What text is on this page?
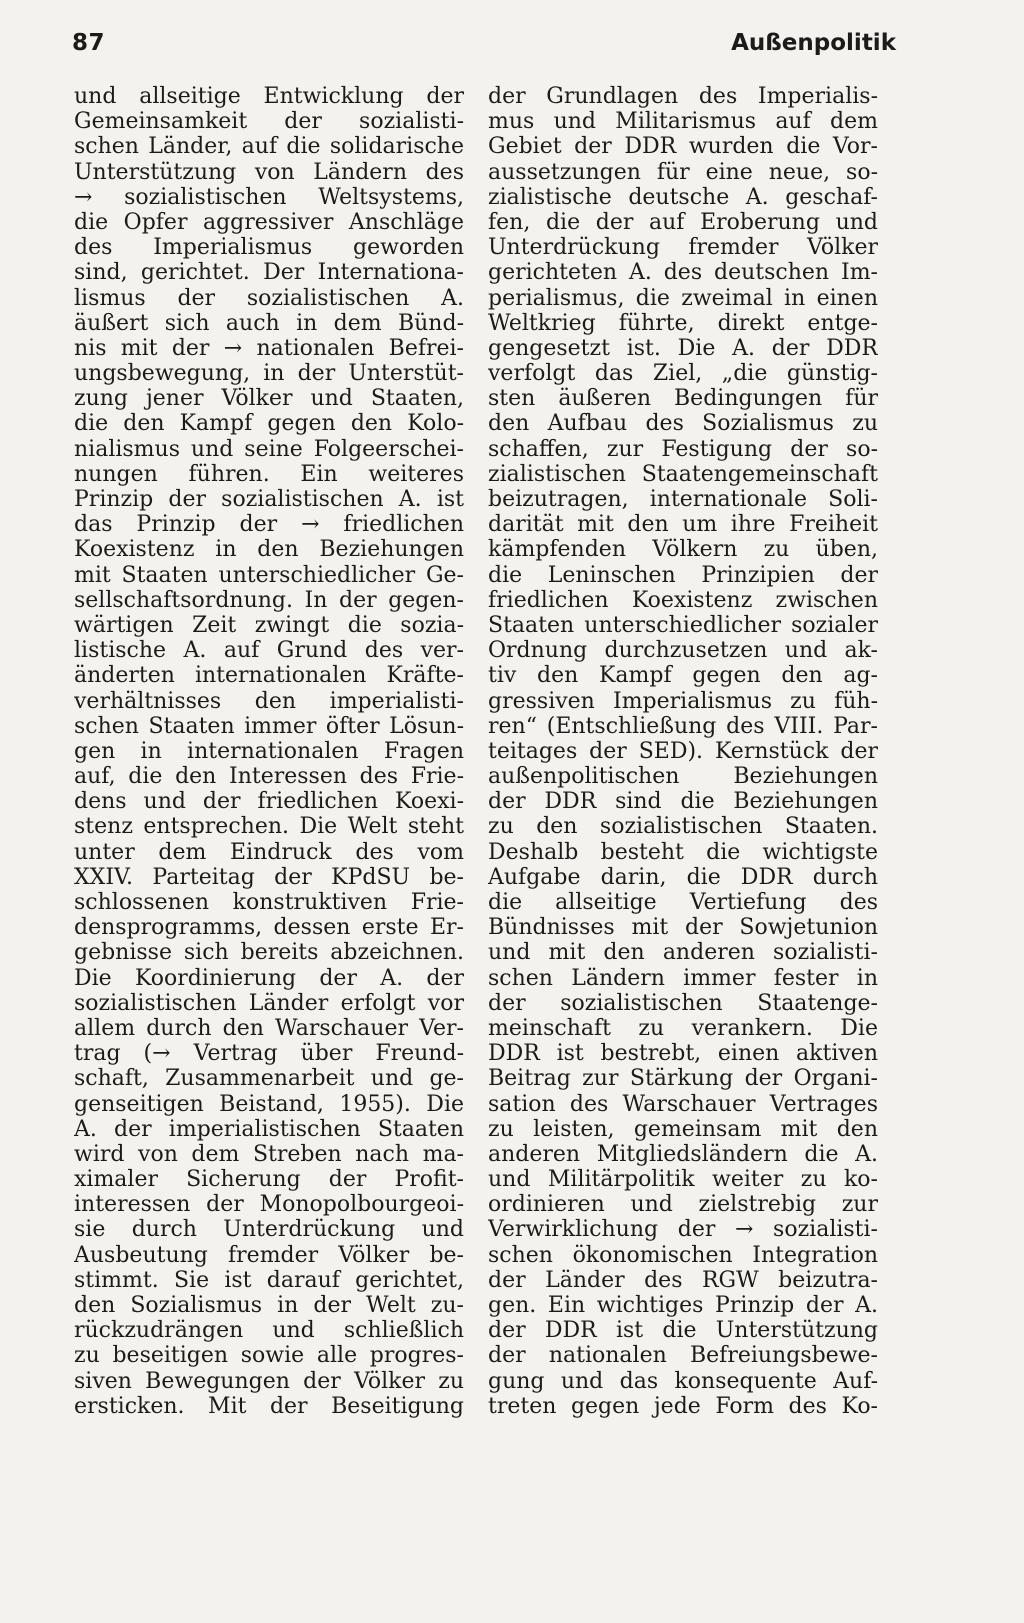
87	Außenpolitik
und allseitige Entwicklung der
Gemeinsamkeit der sozialisti-
schen Länder, auf die solidarische
Unterstützung von Ländern des
→ sozialistischen Weltsystems,
die Opfer aggressiver Anschläge
des Imperialismus geworden
sind, gerichtet. Der Internationa-
lismus der sozialistischen A.
äußert sich auch in dem Bünd-
nis mit der → nationalen Befrei-
ungsbewegung, in der Unterstüt-
zung jener Völker und Staaten,
die den Kampf gegen den Kolo-
nialismus und seine Folgeerschei-
nungen führen. Ein weiteres
Prinzip der sozialistischen A. ist
das Prinzip der → friedlichen
Koexistenz in den Beziehungen
mit Staaten unterschiedlicher Ge-
sellschaftsordnung. In der gegen-
wärtigen Zeit zwingt die sozia-
listische A. auf Grund des ver-
änderten internationalen Kräfte-
verhältnisses den imperialisti-
schen Staaten immer öfter Lösun-
gen in internationalen Fragen
auf, die den Interessen des Frie-
dens und der friedlichen Koexi-
stenz entsprechen. Die Welt steht
unter dem Eindruck des vom
XXIV. Parteitag der KPdSU be-
schlossenen konstruktiven Frie-
densprogramms, dessen erste Er-
gebnisse sich bereits abzeichnen.
Die Koordinierung der A. der
sozialistischen Länder erfolgt vor
allem durch den Warschauer Ver-
trag (→ Vertrag über Freund-
schaft, Zusammenarbeit und ge-
genseitigen Beistand, 1955). Die
A. der imperialistischen Staaten
wird von dem Streben nach ma-
ximaler Sicherung der Profit-
interessen der Monopolbourgeoi-
sie durch Unterdrückung und
Ausbeutung fremder Völker be-
stimmt. Sie ist darauf gerichtet,
den Sozialismus in der Welt zu-
rückzudrängen und schließlich
zu beseitigen sowie alle progres-
siven Bewegungen der Völker zu
ersticken. Mit der Beseitigung
der Grundlagen des Imperialis-
mus und Militarismus auf dem
Gebiet der DDR wurden die Vor-
aussetzungen für eine neue, so-
zialistische deutsche A. geschaf-
fen, die der auf Eroberung und
Unterdrückung fremder Völker
gerichteten A. des deutschen Im-
perialismus, die zweimal in einen
Weltkrieg führte, direkt entge-
gengesetzt ist. Die A. der DDR
verfolgt das Ziel, „die günstig-
sten äußeren Bedingungen für
den Aufbau des Sozialismus zu
schaffen, zur Festigung der so-
zialistischen Staatengemeinschaft
beizutragen, internationale Soli-
darität mit den um ihre Freiheit
kämpfenden Völkern zu üben,
die Leninschen Prinzipien der
friedlichen Koexistenz zwischen
Staaten unterschiedlicher sozialer
Ordnung durchzusetzen und ak-
tiv den Kampf gegen den ag-
gressiven Imperialismus zu füh-
ren“ (Entschließung des VIII. Par-
teitages der SED). Kernstück der
außenpolitischen Beziehungen
der DDR sind die Beziehungen
zu den sozialistischen Staaten.
Deshalb besteht die wichtigste
Aufgabe darin, die DDR durch
die allseitige Vertiefung des
Bündnisses mit der Sowjetunion
und mit den anderen sozialisti-
schen Ländern immer fester in
der sozialistischen Staatenge-
meinschaft zu verankern. Die
DDR ist bestrebt, einen aktiven
Beitrag zur Stärkung der Organi-
sation des Warschauer Vertrages
zu leisten, gemeinsam mit den
anderen Mitgliedsländern die A.
und Militärpolitik weiter zu ko-
ordinieren und zielstrebig zur
Verwirklichung der → sozialisti-
schen ökonomischen Integration
der Länder des RGW beizutra-
gen. Ein wichtiges Prinzip der A.
der DDR ist die Unterstützung
der nationalen Befreiungsbewe-
gung und das konsequente Auf-
treten gegen jede Form des Ko-
